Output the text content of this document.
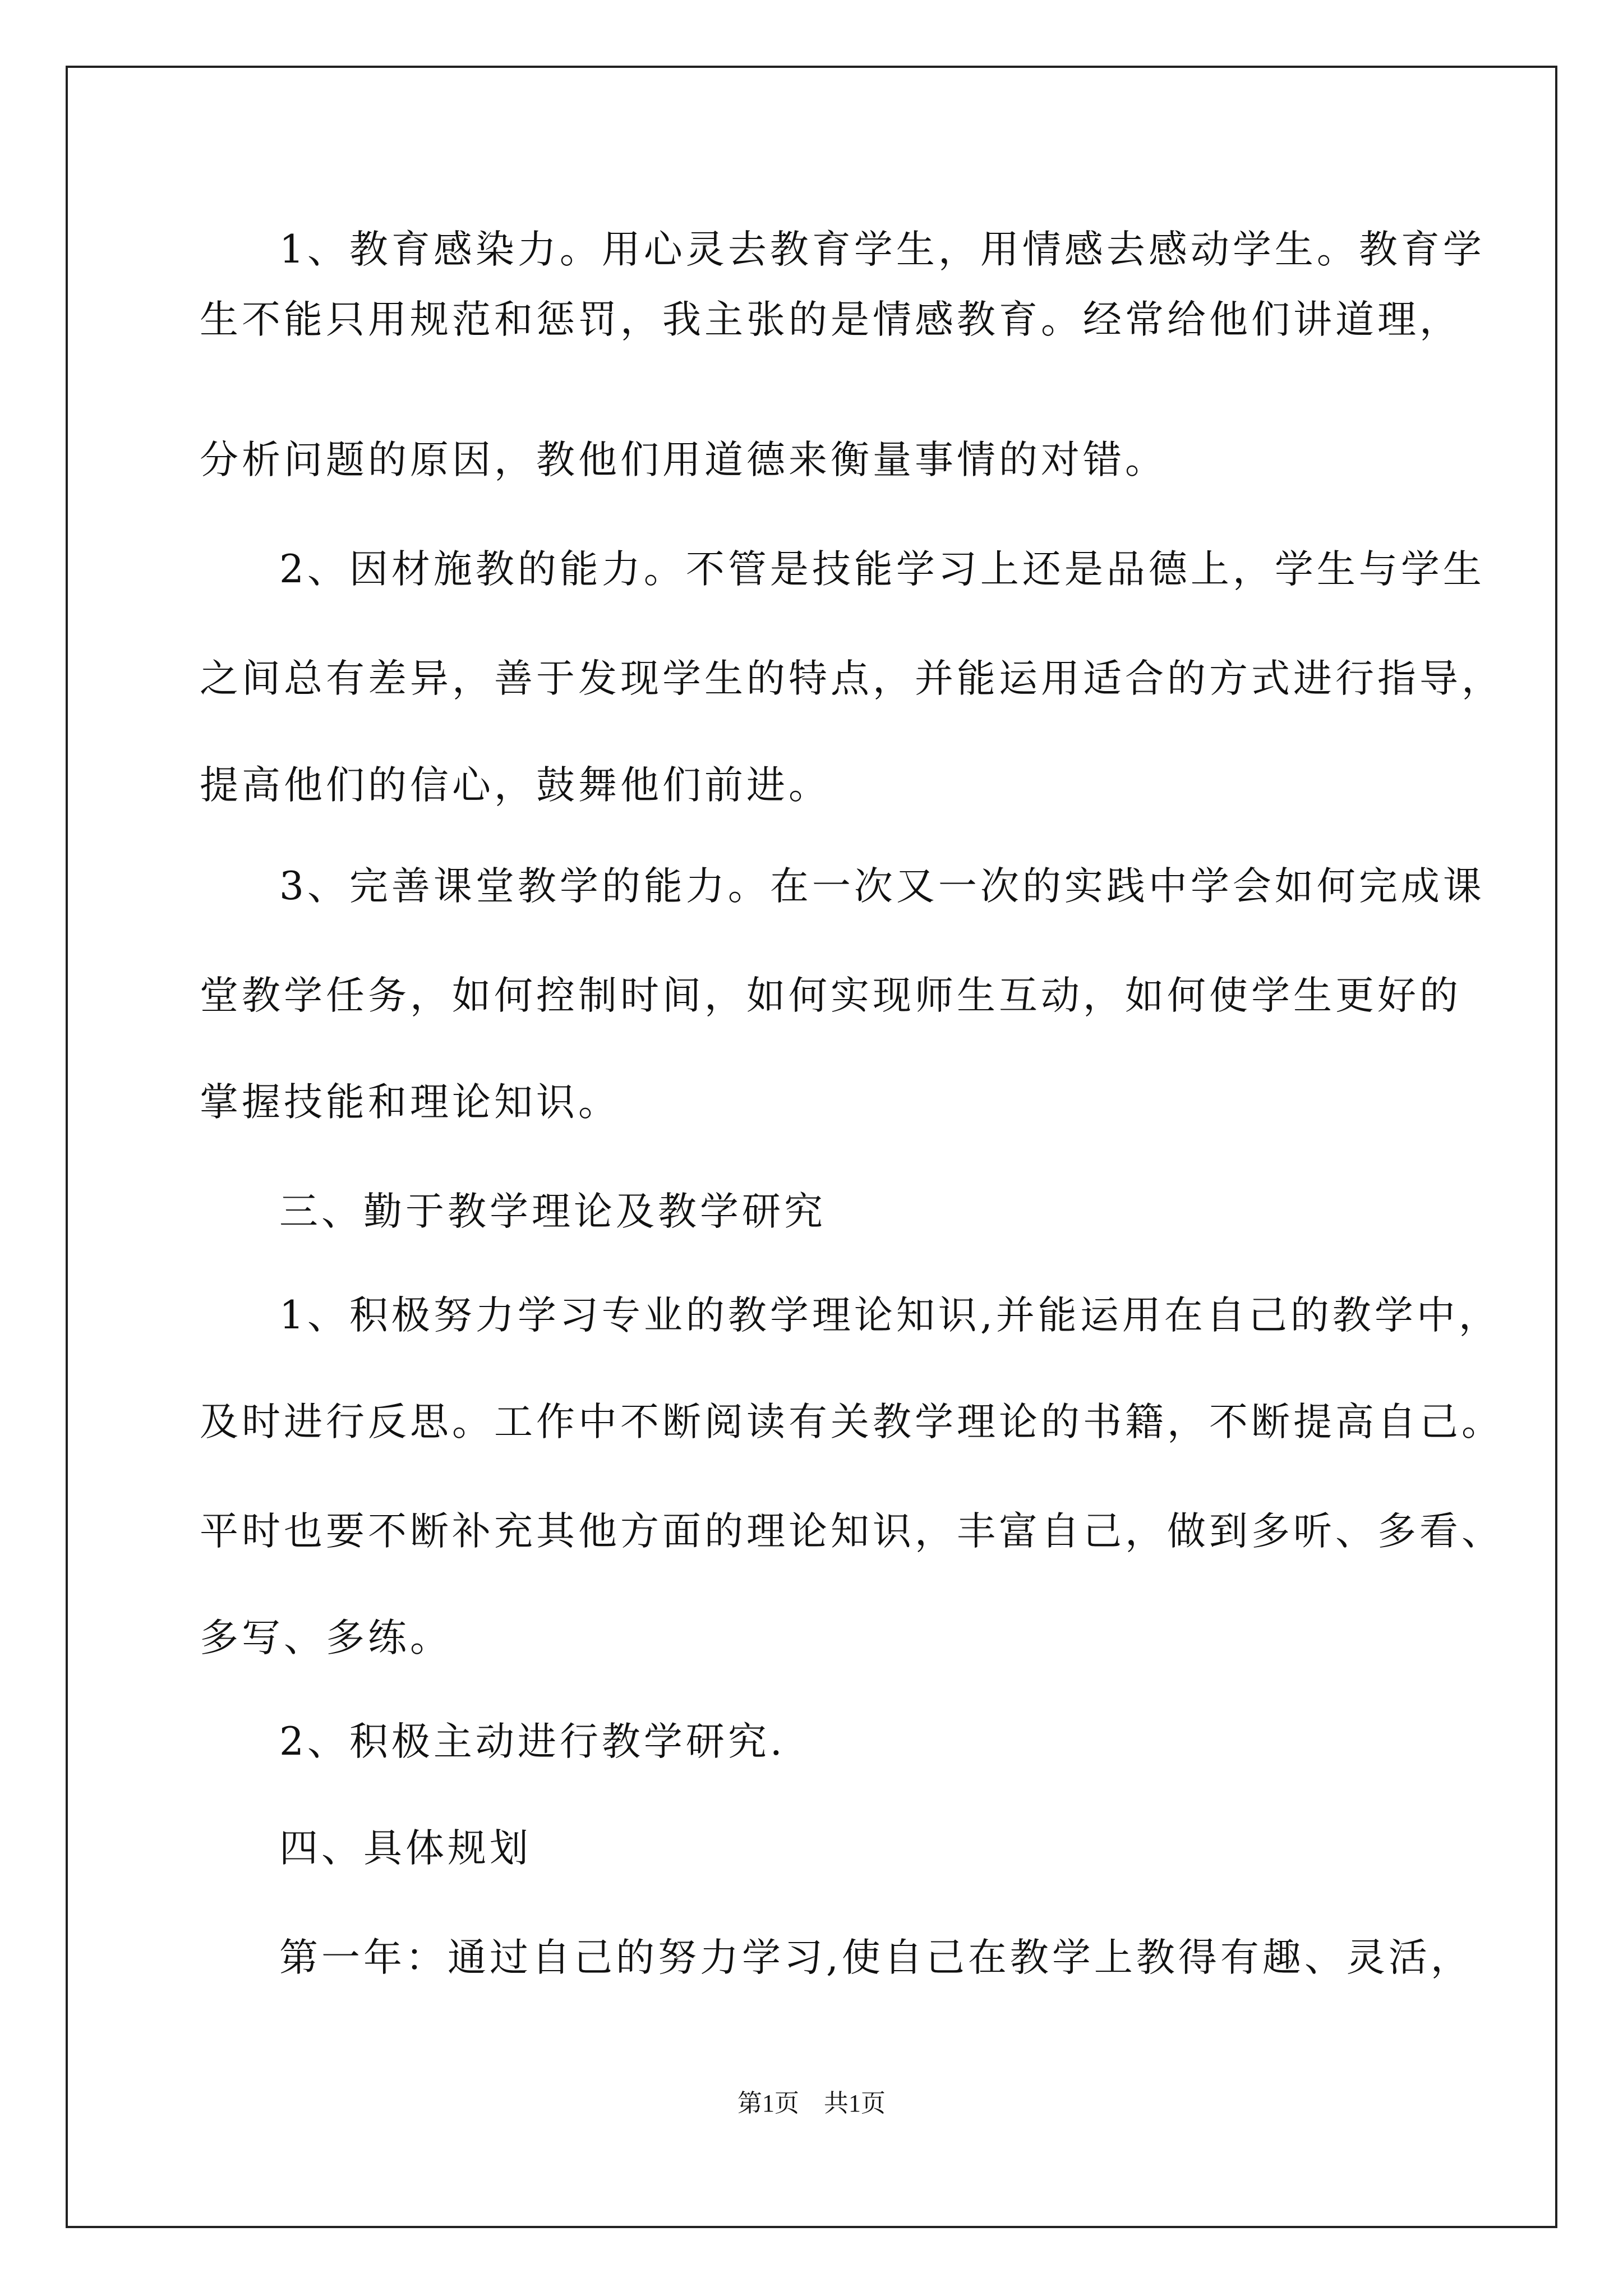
1、教育感染力。用心灵去教育学生，用情感去感动学生。教育学
生不能只用规范和惩罚，我主张的是情感教育。经常给他们讲道理，
分析问题的原因，教他们用道德来衡量事情的对错。
2、因材施教的能力。不管是技能学习上还是品德上，学生与学生
之间总有差异，善于发现学生的特点，并能运用适合的方式进行指导，
提高他们的信心，鼓舞他们前进。
3、完善课堂教学的能力。在一次又一次的实践中学会如何完成课
堂教学任务，如何控制时间，如何实现师生互动，如何使学生更好的
掌握技能和理论知识。
三、勤于教学理论及教学研究
1、积极努力学习专业的教学理论知识,并能运用在自己的教学中，
及时进行反思。工作中不断阅读有关教学理论的书籍，不断提高自己。
平时也要不断补充其他方面的理论知识，丰富自己，做到多听、多看、
多写、多练。
2、积极主动进行教学研究.
四、具体规划
第一年：通过自己的努力学习,使自己在教学上教得有趣、灵活，
第1页　共1页
